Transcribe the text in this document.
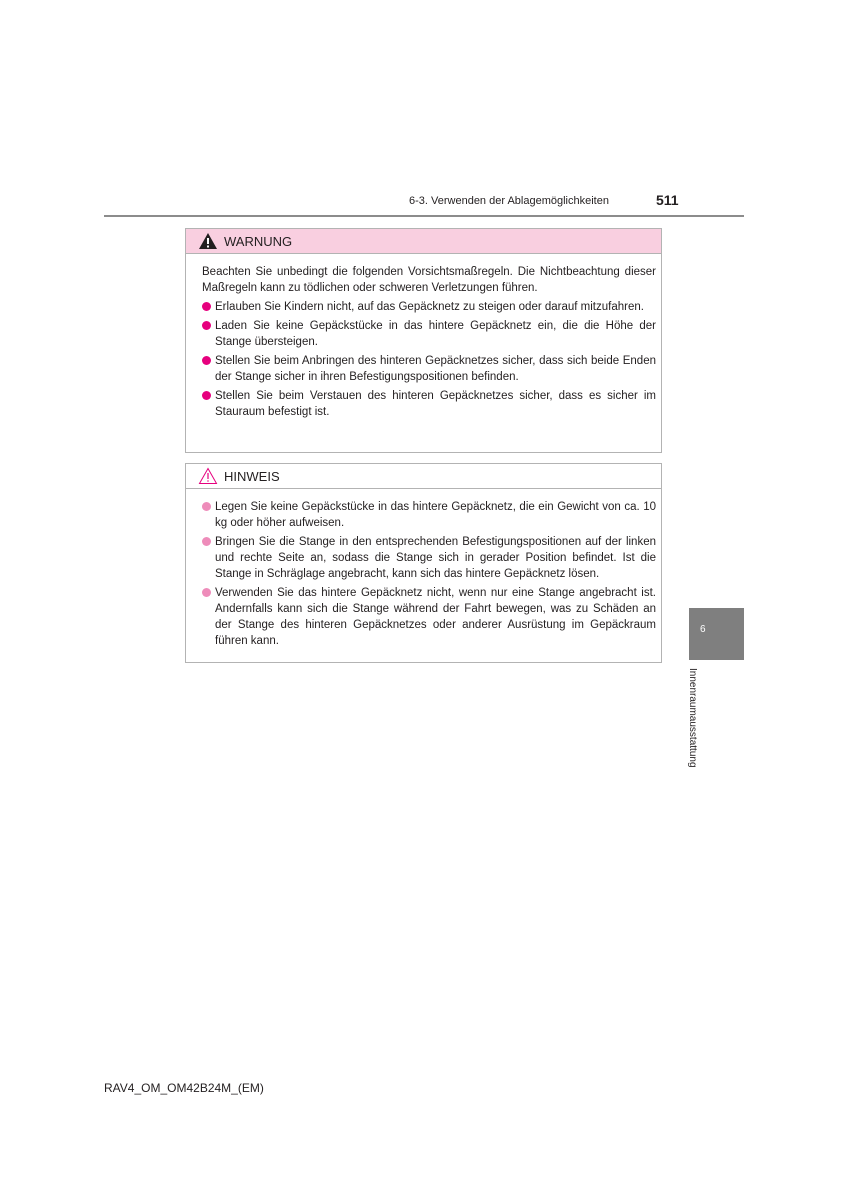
6-3. Verwenden der Ablagemöglichkeiten	511
WARNUNG

Beachten Sie unbedingt die folgenden Vorsichtsmaßregeln. Die Nichtbeachtung dieser Maßregeln kann zu tödlichen oder schweren Verletzungen führen.

Erlauben Sie Kindern nicht, auf das Gepäcknetz zu steigen oder darauf mitzufahren.
Laden Sie keine Gepäckstücke in das hintere Gepäcknetz ein, die die Höhe der Stange übersteigen.
Stellen Sie beim Anbringen des hinteren Gepäcknetzes sicher, dass sich beide Enden der Stange sicher in ihren Befestigungspositionen befinden.
Stellen Sie beim Verstauen des hinteren Gepäcknetzes sicher, dass es sicher im Stauraum befestigt ist.
HINWEIS
Legen Sie keine Gepäckstücke in das hintere Gepäcknetz, die ein Gewicht von ca. 10 kg oder höher aufweisen.
Bringen Sie die Stange in den entsprechenden Befestigungspositionen auf der linken und rechte Seite an, sodass die Stange sich in gerader Position befindet. Ist die Stange in Schräglage angebracht, kann sich das hintere Gepäcknetz lösen.
Verwenden Sie das hintere Gepäcknetz nicht, wenn nur eine Stange angebracht ist. Andernfalls kann sich die Stange während der Fahrt bewegen, was zu Schäden an der Stange des hinteren Gepäcknetzes oder anderer Ausrüstung im Gepäckraum führen kann.
6
Innenraumausstattung
RAV4_OM_OM42B24M_(EM)
